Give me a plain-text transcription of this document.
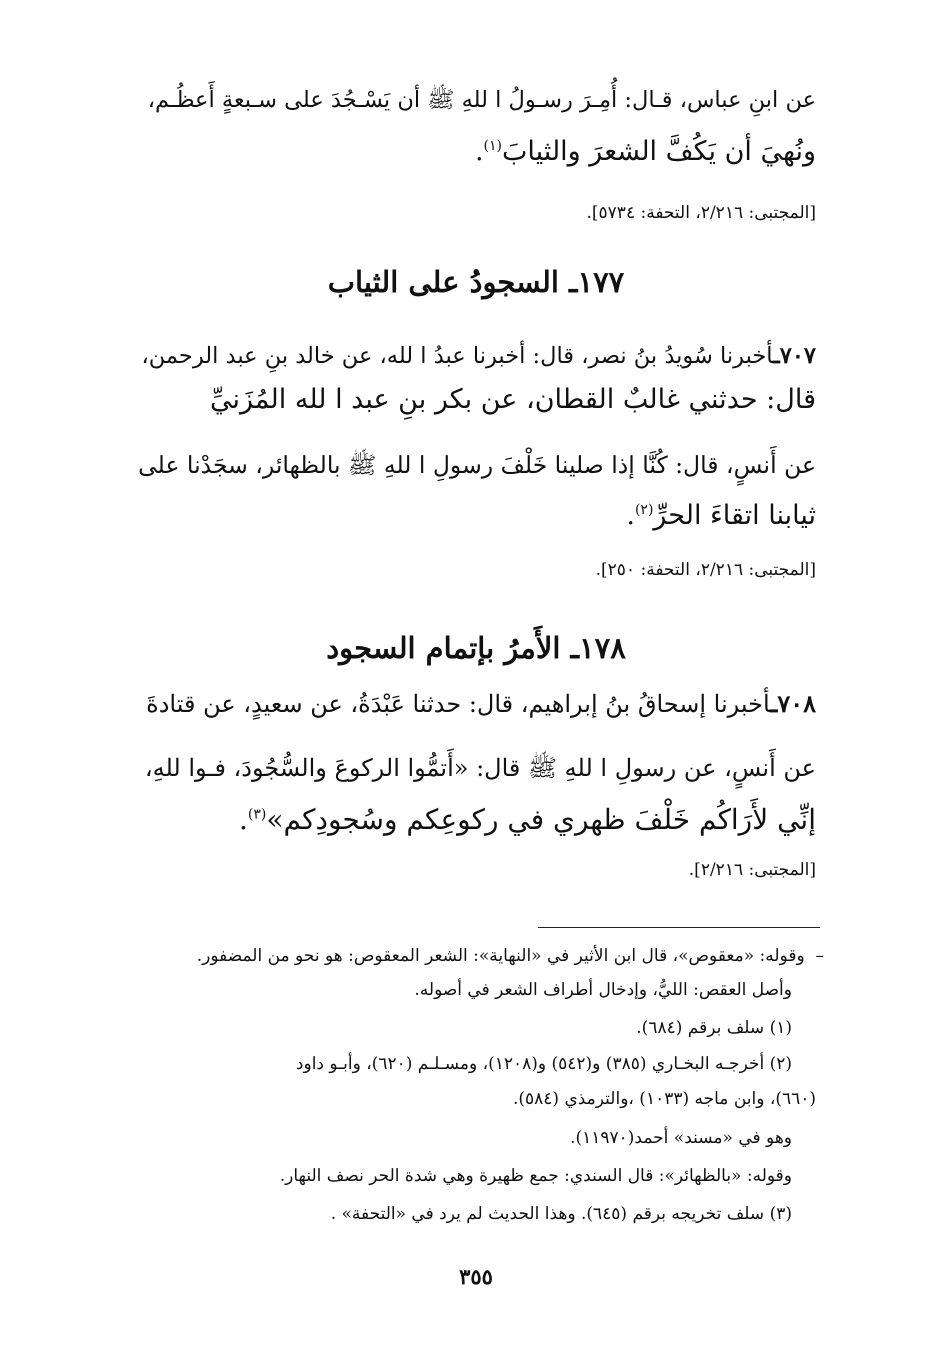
عن ابنِ عباس، قـال: أُمِـرَ رسـولُ ا للهِ ﷺ أن يَسْـجُدَ على سـبعةٍ أَعظُـم،
ونُهيَ أن يَكُفَّ الشعرَ والثيابَ$^{(١)}$.
[المجتبى: ٢/٢١٦، التحفة: ٥٧٣٤].
١٧٧ـ السجودُ على الثياب
٧٠٧ـأخبرنا سُويدُ بنُ نصر، قال: أخبرنا عبدُ ا لله، عن خالد بنِ عبد الرحمن،
قال: حدثني غالبٌ القطان، عن بكر بنِ عبد ا لله المُزَنيِّ
عن أَنسٍ، قال: كُنَّا إذا صلينا خَلْفَ رسولِ ا للهِ ﷺ بالظهائر، سجَدْنا على
ثيابنا اتقاءَ الحرِّ$^{(٢)}$.
[المجتبى: ٢/٢١٦، التحفة: ٢٥٠].
١٧٨ـ الأَمرُ بإتمام السجود
٧٠٨ـأخبرنا إسحاقُ بنُ إبراهيم، قال: حدثنا عَبْدَةُ، عن سعيدٍ، عن قتادةَ
عن أَنسٍ، عن رسولِ ا للهِ ﷺ قال: «أَتمُّوا الركوعَ والسُّجُودَ، فـوا للهِ،
إنِّي لأَرَاكُم خَلْفَ ظهري في ركوعِكم وسُجودِكم»$^{(٣)}$.
[المجتبى: ٢/٢١٦].
–  وقوله: «معقوص»، قال ابن الأثير في «النهاية»: الشعر المعقوص: هو نحو من المضفور.
وأصل العقص: الليُّ، وإدخال أطراف الشعر في أصوله.
(١) سلف برقم (٦٨٤).
(٢) أخرجـه البخـاري (٣٨٥) و(٥٤٢) و(١٢٠٨)، ومسـلـم (٦٢٠)، وأبـو داود
(٦٦٠)، وابن ماجه (١٠٣٣) ،والترمذي (٥٨٤).
وهو في «مسند» أحمد(١١٩٧٠).
وقوله: «بالظهائر»: قال السندي: جمع ظهيرة وهي شدة الحر نصف النهار.
(٣) سلف تخريجه برقم (٦٤٥). وهذا الحديث لم يرد في «التحفة» .
٣٥٥
